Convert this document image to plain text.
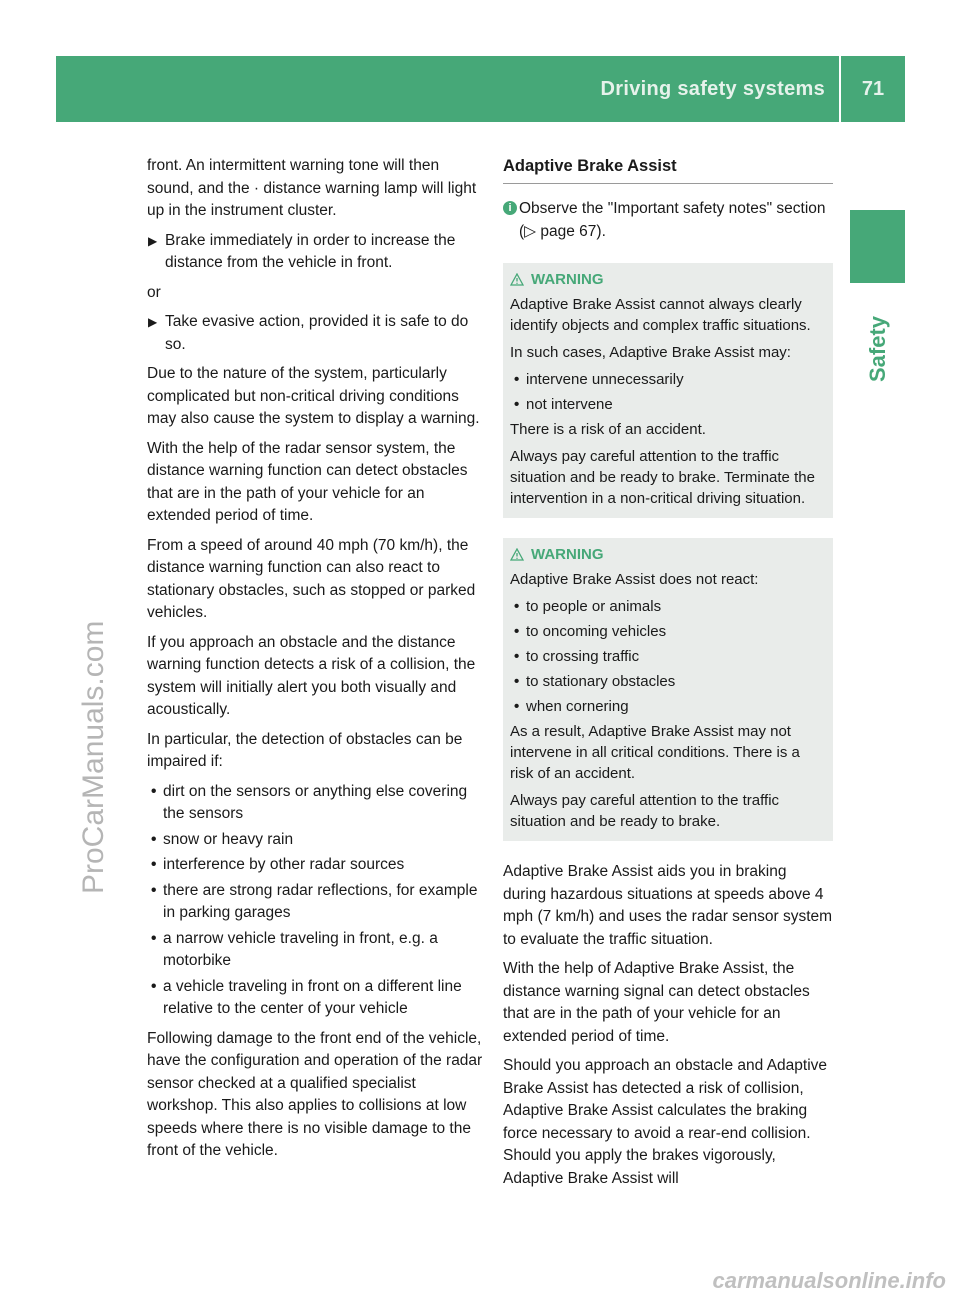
Driving safety systems	71
Safety
ProCarManuals.com
carmanualsonline.info

front. An intermittent warning tone will then sound, and the · distance warning lamp will light up in the instrument cluster.

▶ Brake immediately in order to increase the distance from the vehicle in front.

or

▶ Take evasive action, provided it is safe to do so.

Due to the nature of the system, particularly complicated but non-critical driving conditions may also cause the system to display a warning.

With the help of the radar sensor system, the distance warning function can detect obstacles that are in the path of your vehicle for an extended period of time.

From a speed of around 40 mph (70 km/h), the distance warning function can also react to stationary obstacles, such as stopped or parked vehicles.

If you approach an obstacle and the distance warning function detects a risk of a collision, the system will initially alert you both visually and acoustically.

In particular, the detection of obstacles can be impaired if:

• dirt on the sensors or anything else covering the sensors
• snow or heavy rain
• interference by other radar sources
• there are strong radar reflections, for example in parking garages
• a narrow vehicle traveling in front, e.g. a motorbike
• a vehicle traveling in front on a different line relative to the center of your vehicle

Following damage to the front end of the vehicle, have the configuration and operation of the radar sensor checked at a qualified specialist workshop. This also applies to collisions at low speeds where there is no visible damage to the front of the vehicle.

Adaptive Brake Assist
i Observe the "Important safety notes" section (▷ page 67).
WARNING

Adaptive Brake Assist cannot always clearly identify objects and complex traffic situations.

In such cases, Adaptive Brake Assist may:

• intervene unnecessarily
• not intervene

There is a risk of an accident.

Always pay careful attention to the traffic situation and be ready to brake. Terminate the intervention in a non-critical driving situation.

WARNING

Adaptive Brake Assist does not react:

• to people or animals
• to oncoming vehicles
• to crossing traffic
• to stationary obstacles
• when cornering

As a result, Adaptive Brake Assist may not intervene in all critical conditions. There is a risk of an accident.

Always pay careful attention to the traffic situation and be ready to brake.

Adaptive Brake Assist aids you in braking during hazardous situations at speeds above 4 mph (7 km/h) and uses the radar sensor system to evaluate the traffic situation.

With the help of Adaptive Brake Assist, the distance warning signal can detect obstacles that are in the path of your vehicle for an extended period of time.

Should you approach an obstacle and Adaptive Brake Assist has detected a risk of collision, Adaptive Brake Assist calculates the braking force necessary to avoid a rear-end collision. Should you apply the brakes vigorously, Adaptive Brake Assist will
